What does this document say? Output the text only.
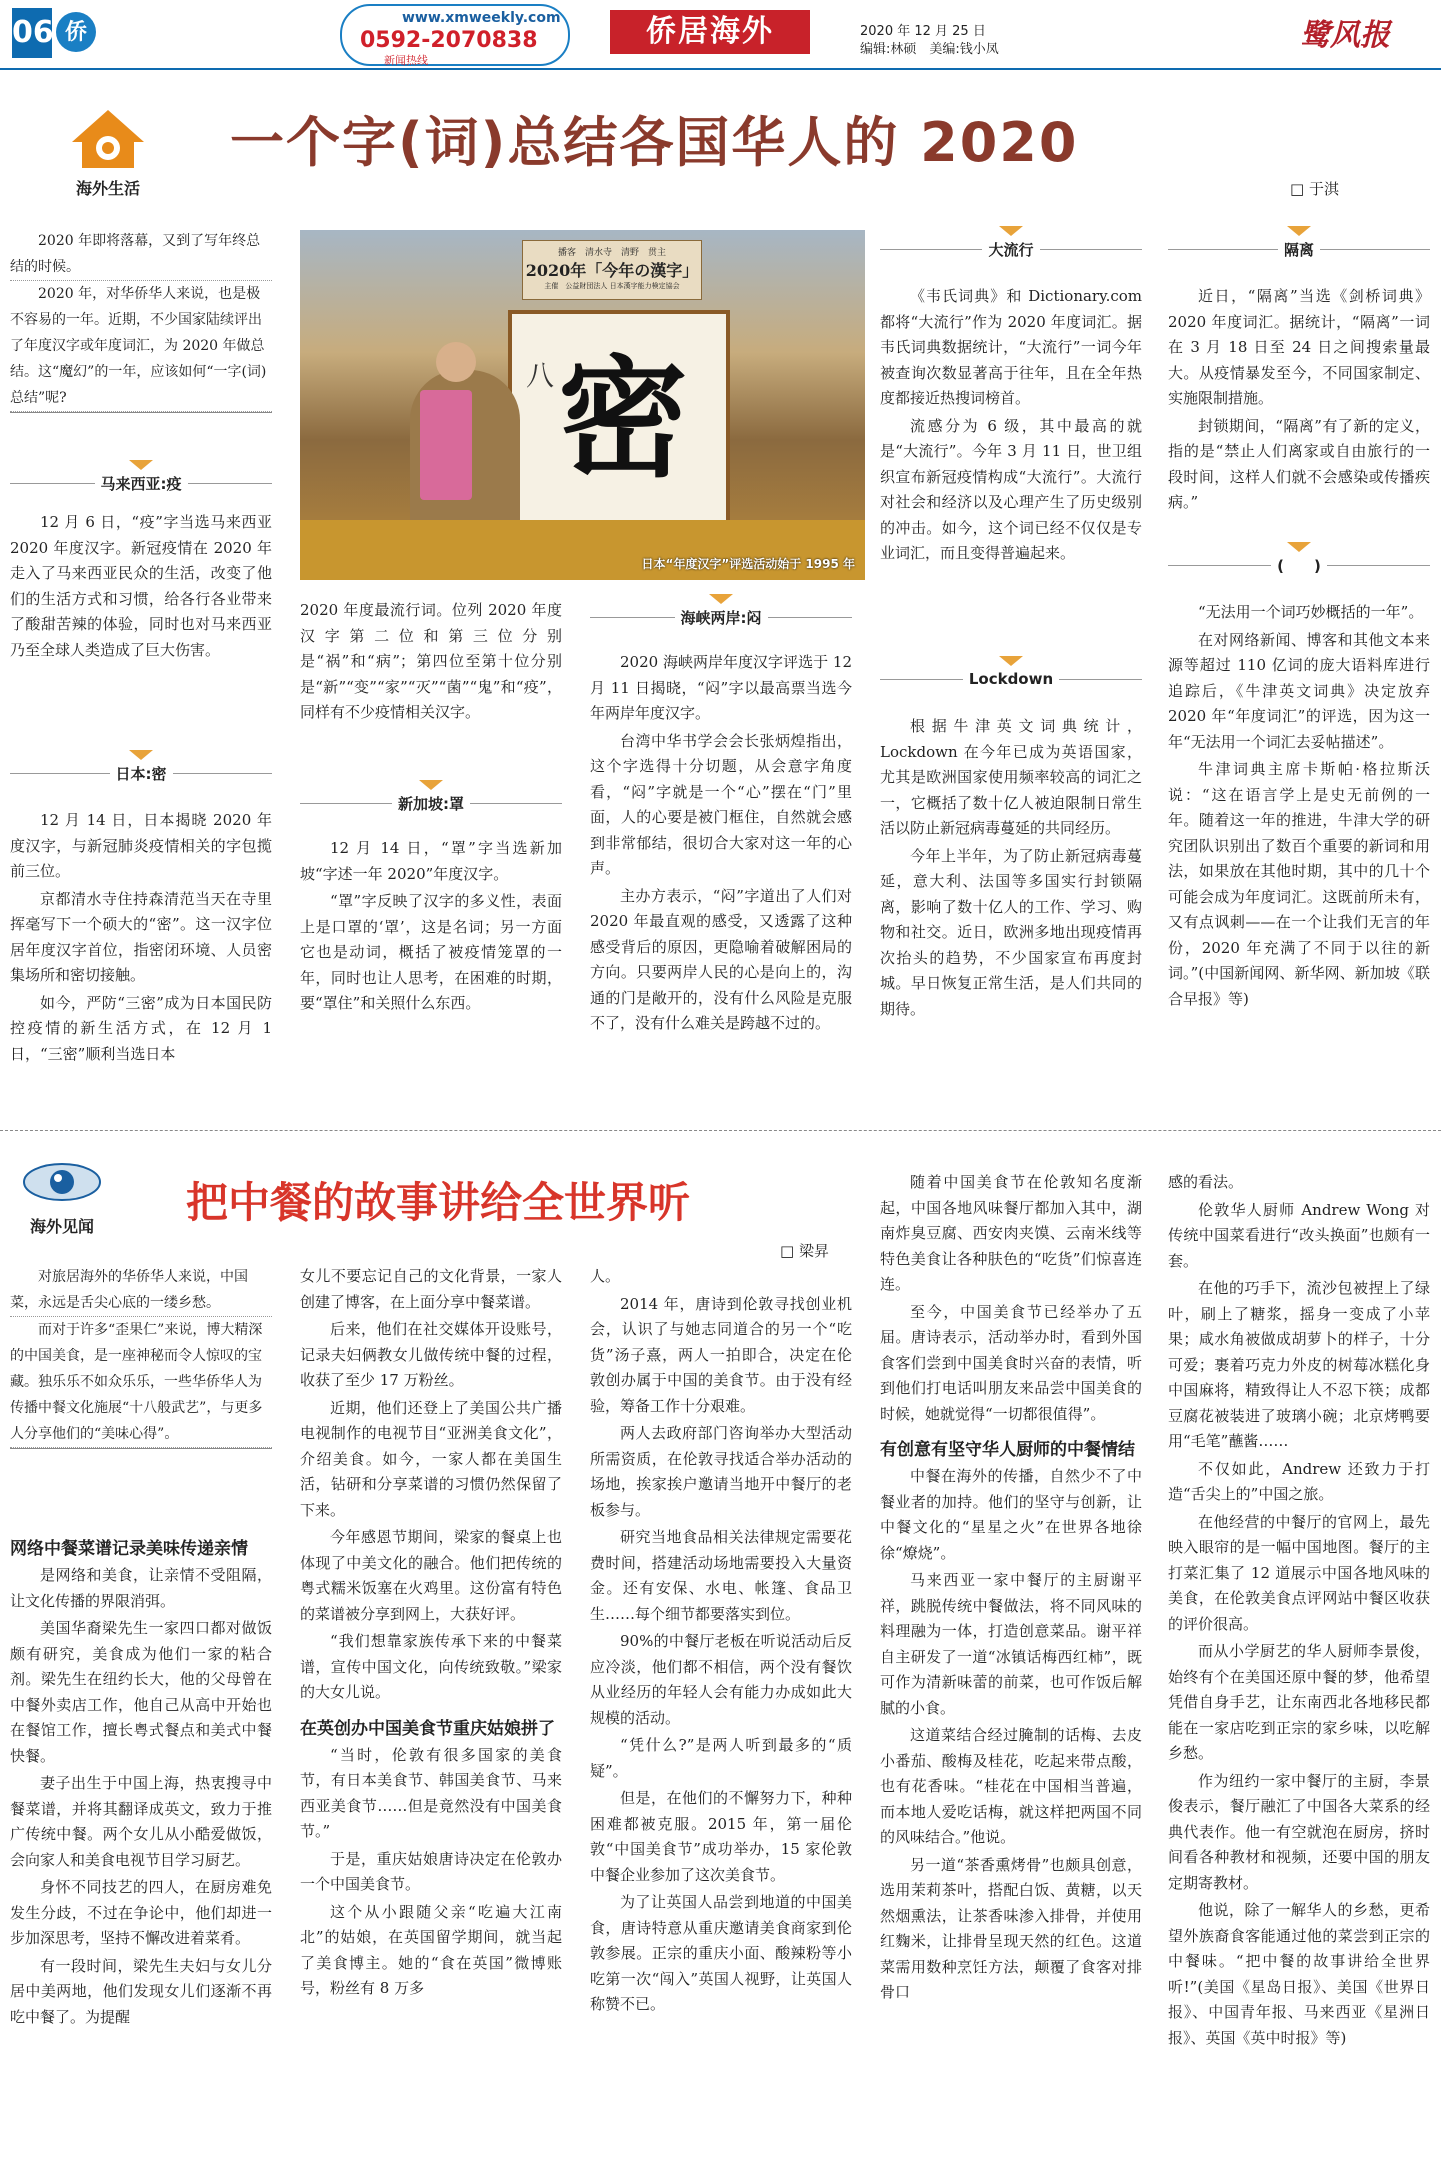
06 侨
www.xmweekly.com
0592-2070838
新闻热线
侨居海外	2020 年 12 月 25 日
编辑:林硕　美编:钱小凤	鹭风报
海外生活
一个字(词)总结各国华人的 2020
□ 于淇

2020 年即将落幕，又到了写年终总结的时候。

2020 年，对华侨华人来说，也是极不容易的一年。近期，不少国家陆续评出了年度汉字或年度词汇，为 2020 年做总结。这“魔幻”的一年，应该如何“一字(词)总结”呢?

马来西亚:疫

12 月 6 日，“疫”字当选马来西亚 2020 年度汉字。新冠疫情在 2020 年走入了马来西亚民众的生活，改变了他们的生活方式和习惯，给各行各业带来了酸甜苦辣的体验，同时也对马来西亚乃至全球人类造成了巨大伤害。

日本:密

12 月 14 日，日本揭晓 2020 年度汉字，与新冠肺炎疫情相关的字包揽前三位。

京都清水寺住持森清范当天在寺里挥毫写下一个硕大的“密”。这一汉字位居年度汉字首位，指密闭环境、人员密集场所和密切接触。

如今，严防“三密”成为日本国民防控疫情的新生活方式，在 12 月 1 日，“三密”顺利当选日本

播客　清水寺　清野　贯主
2020年「今年の漢字」
主催　公益財団法人 日本漢字能力検定協会
密
八
日本“年度汉字”评选活动始于 1995 年

2020 年度最流行词。位列 2020 年度汉字第二位和第三位分别是“祸”和“病”；第四位至第十位分别是“新”“变”“家”“灭”“菌”“鬼”和“疫”，同样有不少疫情相关汉字。

新加坡:罩

12 月 14 日，“罩”字当选新加坡“字述一年 2020”年度汉字。

“罩”字反映了汉字的多义性，表面上是口罩的‘罩’，这是名词；另一方面它也是动词，概括了被疫情笼罩的一年，同时也让人思考，在困难的时期，要“罩住”和关照什么东西。

海峡两岸:闷

2020 海峡两岸年度汉字评选于 12 月 11 日揭晓，“闷”字以最高票当选今年两岸年度汉字。

台湾中华书学会会长张炳煌指出，这个字选得十分切题，从会意字角度看，“闷”字就是一个“心”摆在“门”里面，人的心要是被门框住，自然就会感到非常郁结，很切合大家对这一年的心声。

主办方表示，“闷”字道出了人们对 2020 年最直观的感受，又透露了这种感受背后的原因，更隐喻着破解困局的方向。只要两岸人民的心是向上的，沟通的门是敞开的，没有什么风险是克服不了，没有什么难关是跨越不过的。

大流行

《韦氏词典》和 Dictionary.com 都将“大流行”作为 2020 年度词汇。据韦氏词典数据统计，“大流行”一词今年被查询次数显著高于往年，且在全年热度都接近热搜词榜首。

流感分为 6 级，其中最高的就是“大流行”。今年 3 月 11 日，世卫组织宣布新冠疫情构成“大流行”。大流行对社会和经济以及心理产生了历史级别的冲击。如今，这个词已经不仅仅是专业词汇，而且变得普遍起来。

Lockdown

根据牛津英文词典统计，Lockdown 在今年已成为英语国家，尤其是欧洲国家使用频率较高的词汇之一，它概括了数十亿人被迫限制日常生活以防止新冠病毒蔓延的共同经历。

今年上半年，为了防止新冠病毒蔓延，意大利、法国等多国实行封锁隔离，影响了数十亿人的工作、学习、购物和社交。近日，欧洲多地出现疫情再次抬头的趋势，不少国家宣布再度封城。早日恢复正常生活，是人们共同的期待。

隔离

近日，“隔离”当选《剑桥词典》2020 年度词汇。据统计，“隔离”一词在 3 月 18 日至 24 日之间搜索量最大。从疫情暴发至今，不同国家制定、实施限制措施。

封锁期间，“隔离”有了新的定义，指的是“禁止人们离家或自由旅行的一段时间，这样人们就不会感染或传播疾病。”

(　　)

“无法用一个词巧妙概括的一年”。

在对网络新闻、博客和其他文本来源等超过 110 亿词的庞大语料库进行追踪后，《牛津英文词典》决定放弃 2020 年“年度词汇”的评选，因为这一年“无法用一个词汇去妥帖描述”。

牛津词典主席卡斯帕·格拉斯沃说：“这在语言学上是史无前例的一年。随着这一年的推进，牛津大学的研究团队识别出了数百个重要的新词和用法，如果放在其他时期，其中的几十个可能会成为年度词汇。这既前所未有，又有点讽刺——在一个让我们无言的年份，2020 年充满了不同于以往的新词。”(中国新闻网、新华网、新加坡《联合早报》等)

海外见闻	把中餐的故事讲给全世界听
□ 梁昇

对旅居海外的华侨华人来说，中国菜，永远是舌尖心底的一缕乡愁。

而对于许多“歪果仁”来说，博大精深的中国美食，是一座神秘而令人惊叹的宝藏。独乐乐不如众乐乐，一些华侨华人为传播中餐文化施展“十八般武艺”，与更多人分享他们的“美味心得”。

网络中餐菜谱记录美味传递亲情

是网络和美食，让亲情不受阻隔，让文化传播的界限消弭。

美国华裔梁先生一家四口都对做饭颇有研究，美食成为他们一家的粘合剂。梁先生在纽约长大，他的父母曾在中餐外卖店工作，他自己从高中开始也在餐馆工作，擅长粤式餐点和美式中餐快餐。

妻子出生于中国上海，热衷搜寻中餐菜谱，并将其翻译成英文，致力于推广传统中餐。两个女儿从小酷爱做饭，会向家人和美食电视节目学习厨艺。

身怀不同技艺的四人，在厨房难免发生分歧，不过在争论中，他们却进一步加深思考，坚持不懈改进着菜肴。

有一段时间，梁先生夫妇与女儿分居中美两地，他们发现女儿们逐渐不再吃中餐了。为提醒

女儿不要忘记自己的文化背景，一家人创建了博客，在上面分享中餐菜谱。

后来，他们在社交媒体开设账号，记录夫妇俩教女儿做传统中餐的过程，收获了至少 17 万粉丝。

近期，他们还登上了美国公共广播电视制作的电视节目“亚洲美食文化”，介绍美食。如今，一家人都在美国生活，钻研和分享菜谱的习惯仍然保留了下来。

今年感恩节期间，梁家的餐桌上也体现了中美文化的融合。他们把传统的粤式糯米饭塞在火鸡里。这份富有特色的菜谱被分享到网上，大获好评。

“我们想靠家族传承下来的中餐菜谱，宣传中国文化，向传统致敬。”梁家的大女儿说。

在英创办中国美食节重庆姑娘拼了

“当时，伦敦有很多国家的美食节，有日本美食节、韩国美食节、马来西亚美食节……但是竟然没有中国美食节。”

于是，重庆姑娘唐诗决定在伦敦办一个中国美食节。

这个从小跟随父亲“吃遍大江南北”的姑娘，在英国留学期间，就当起了美食博主。她的“食在英国”微博账号，粉丝有 8 万多

人。

2014 年，唐诗到伦敦寻找创业机会，认识了与她志同道合的另一个“吃货”汤子熹，两人一拍即合，决定在伦敦创办属于中国的美食节。由于没有经验，筹备工作十分艰难。

两人去政府部门咨询举办大型活动所需资质，在伦敦寻找适合举办活动的场地，挨家挨户邀请当地开中餐厅的老板参与。

研究当地食品相关法律规定需要花费时间，搭建活动场地需要投入大量资金。还有安保、水电、帐篷、食品卫生……每个细节都要落实到位。

90%的中餐厅老板在听说活动后反应冷淡，他们都不相信，两个没有餐饮从业经历的年轻人会有能力办成如此大规模的活动。

“凭什么?”是两人听到最多的“质疑”。

但是，在他们的不懈努力下，种种困难都被克服。2015 年，第一届伦敦“中国美食节”成功举办，15 家伦敦中餐企业参加了这次美食节。

为了让英国人品尝到地道的中国美食，唐诗特意从重庆邀请美食商家到伦敦参展。正宗的重庆小面、酸辣粉等小吃第一次“闯入”英国人视野，让英国人称赞不已。

随着中国美食节在伦敦知名度渐起，中国各地风味餐厅都加入其中，湖南炸臭豆腐、西安肉夹馍、云南米线等特色美食让各种肤色的“吃货”们惊喜连连。

至今，中国美食节已经举办了五届。唐诗表示，活动举办时，看到外国食客们尝到中国美食时兴奋的表情，听到他们打电话叫朋友来品尝中国美食的时候，她就觉得“一切都很值得”。

有创意有坚守华人厨师的中餐情结

中餐在海外的传播，自然少不了中餐业者的加持。他们的坚守与创新，让中餐文化的“星星之火”在世界各地徐徐“燎烧”。

马来西亚一家中餐厅的主厨谢平祥，跳脱传统中餐做法，将不同风味的料理融为一体，打造创意菜品。谢平祥自主研发了一道“冰镇话梅西红柿”，既可作为清新味蕾的前菜，也可作饭后解腻的小食。

这道菜结合经过腌制的话梅、去皮小番茄、酸梅及桂花，吃起来带点酸，也有花香味。“桂花在中国相当普遍，而本地人爱吃话梅，就这样把两国不同的风味结合。”他说。

另一道“茶香熏烤骨”也颇具创意，选用茉莉茶叶，搭配白饭、黄糖，以天然烟熏法，让茶香味渗入排骨，并使用红麴米，让排骨呈现天然的红色。这道菜需用数种烹饪方法，颠覆了食客对排骨口

感的看法。

伦敦华人厨师 Andrew Wong 对传统中国菜看进行“改头换面”也颇有一套。

在他的巧手下，流沙包被捏上了绿叶，刷上了糖浆，摇身一变成了小苹果；咸水角被做成胡萝卜的样子，十分可爱；裹着巧克力外皮的树莓冰糕化身中国麻将，精致得让人不忍下筷；成都豆腐花被装进了玻璃小碗；北京烤鸭要用“毛笔”蘸酱……

不仅如此，Andrew 还致力于打造“舌尖上的”中国之旅。

在他经营的中餐厅的官网上，最先映入眼帘的是一幅中国地图。餐厅的主打菜汇集了 12 道展示中国各地风味的美食，在伦敦美食点评网站中餐区收获的评价很高。

而从小学厨艺的华人厨师李景俊，始终有个在美国还原中餐的梦，他希望凭借自身手艺，让东南西北各地移民都能在一家店吃到正宗的家乡味，以吃解乡愁。

作为纽约一家中餐厅的主厨，李景俊表示，餐厅融汇了中国各大菜系的经典代表作。他一有空就泡在厨房，挤时间看各种教材和视频，还要中国的朋友定期寄教材。

他说，除了一解华人的乡愁，更希望外族裔食客能通过他的菜尝到正宗的中餐味。“把中餐的故事讲给全世界听!”(美国《星岛日报》、美国《世界日报》、中国青年报、马来西亚《星洲日报》、英国《英中时报》等)
